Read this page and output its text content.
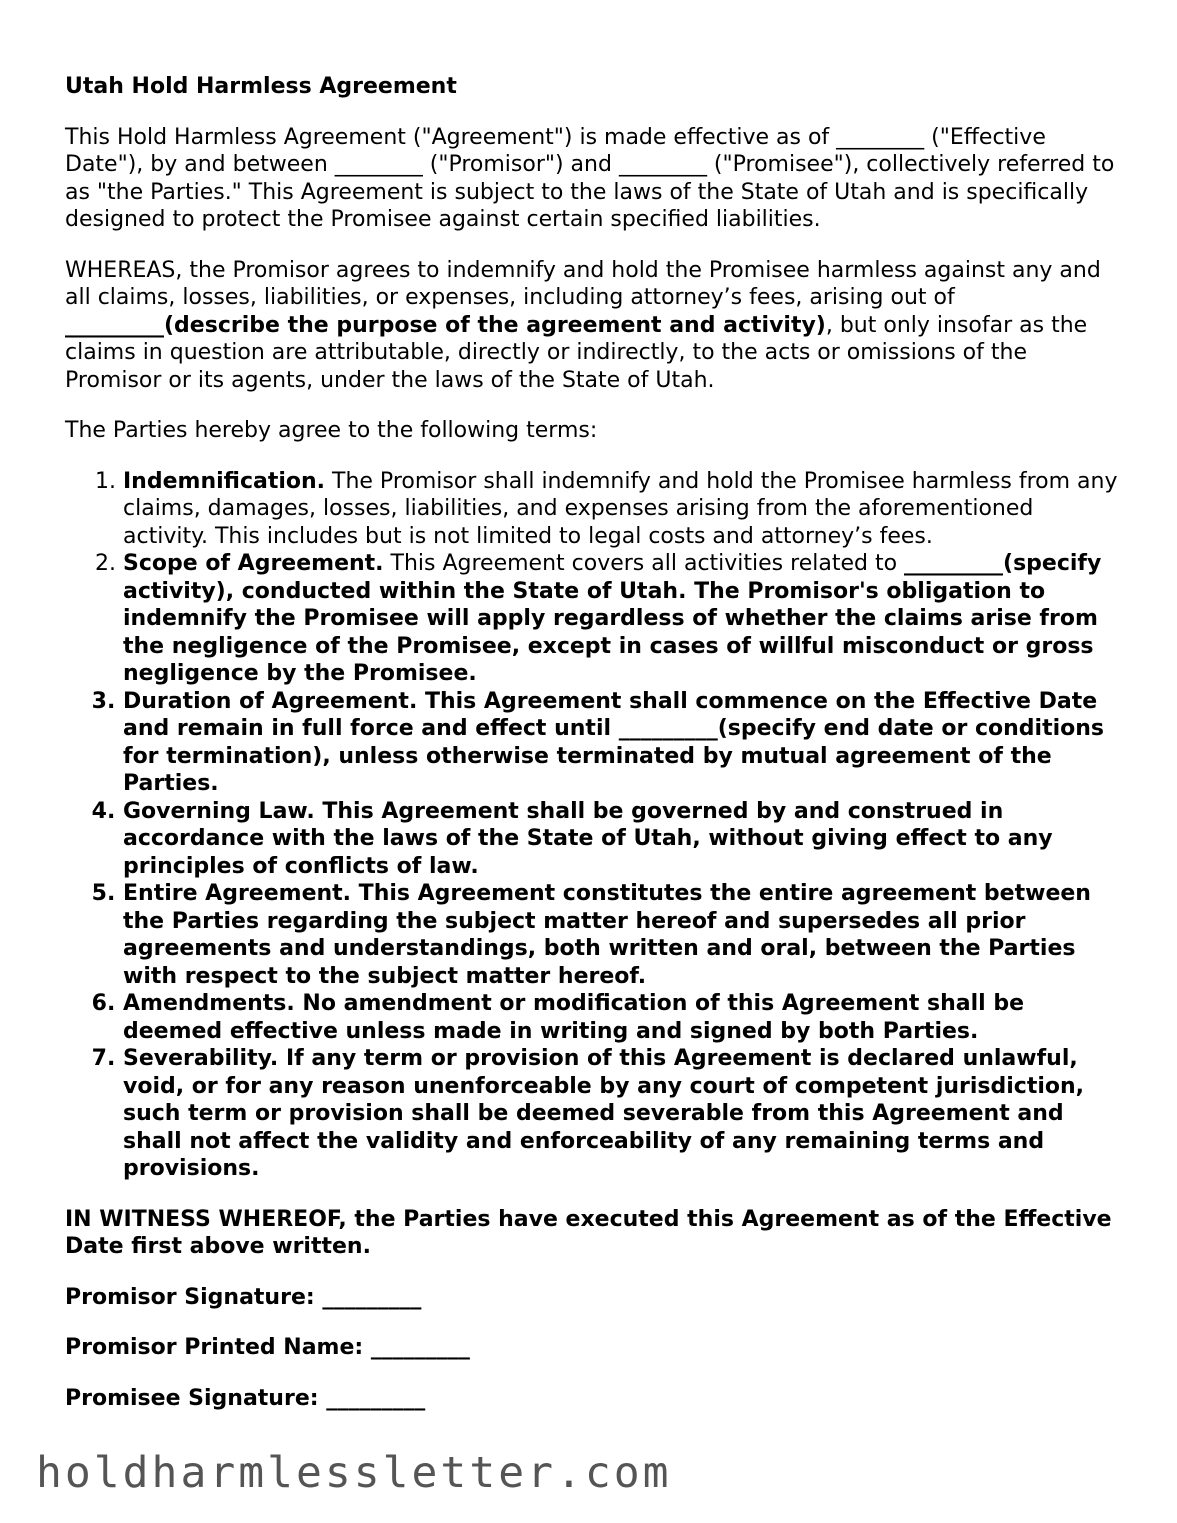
Utah Hold Harmless Agreement

This Hold Harmless Agreement ("Agreement") is made effective as of ________ ("Effective Date"), by and between ________ ("Promisor") and ________ ("Promisee"), collectively referred to as "the Parties." This Agreement is subject to the laws of the State of Utah and is specifically designed to protect the Promisee against certain specified liabilities.

WHEREAS, the Promisor agrees to indemnify and hold the Promisee harmless against any and all claims, losses, liabilities, or expenses, including attorney’s fees, arising out of _________(describe the purpose of the agreement and activity), but only insofar as the claims in question are attributable, directly or indirectly, to the acts or omissions of the Promisor or its agents, under the laws of the State of Utah.

The Parties hereby agree to the following terms:

1. Indemnification. The Promisor shall indemnify and hold the Promisee harmless from any claims, damages, losses, liabilities, and expenses arising from the aforementioned activity. This includes but is not limited to legal costs and attorney’s fees.
2. Scope of Agreement. This Agreement covers all activities related to _________(specify activity), conducted within the State of Utah. The Promisor's obligation to indemnify the Promisee will apply regardless of whether the claims arise from the negligence of the Promisee, except in cases of willful misconduct or gross negligence by the Promisee.
3. Duration of Agreement. This Agreement shall commence on the Effective Date and remain in full force and effect until _________(specify end date or conditions for termination), unless otherwise terminated by mutual agreement of the Parties.
4. Governing Law. This Agreement shall be governed by and construed in accordance with the laws of the State of Utah, without giving effect to any principles of conflicts of law.
5. Entire Agreement. This Agreement constitutes the entire agreement between the Parties regarding the subject matter hereof and supersedes all prior agreements and understandings, both written and oral, between the Parties with respect to the subject matter hereof.
6. Amendments. No amendment or modification of this Agreement shall be deemed effective unless made in writing and signed by both Parties.
7. Severability. If any term or provision of this Agreement is declared unlawful, void, or for any reason unenforceable by any court of competent jurisdiction, such term or provision shall be deemed severable from this Agreement and shall not affect the validity and enforceability of any remaining terms and provisions.
IN WITNESS WHEREOF, the Parties have executed this Agreement as of the Effective Date first above written.
Promisor Signature: _________
Promisor Printed Name: _________
Promisee Signature: _________
holdharmlessletter.com
